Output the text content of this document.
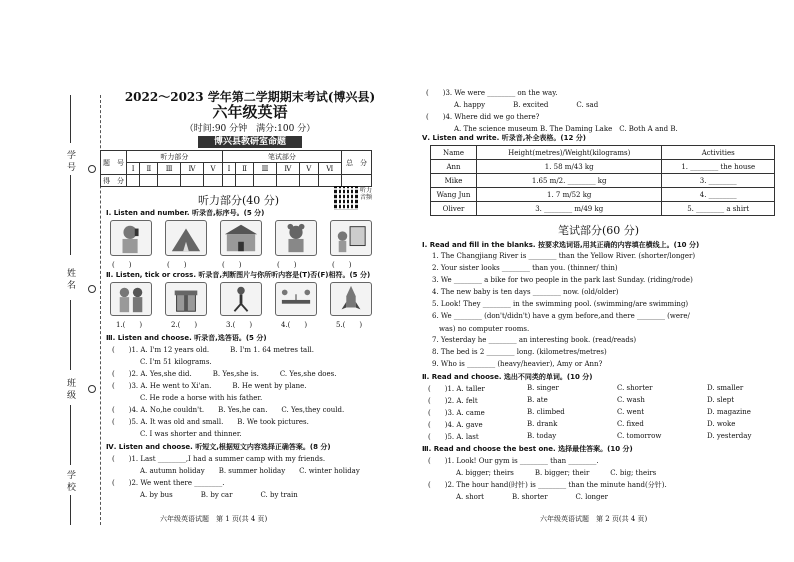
学 号
姓 名
班 级
学 校
2022～2023 学年第二学期期末考试(博兴县)
六年级英语
（时间:90 分钟　满分:100 分）
博兴县教研室命题
题　号	听力部分					笔试部分						总　分
	Ⅰ	Ⅱ	Ⅲ	Ⅳ	Ⅴ	Ⅰ	Ⅱ	Ⅲ	Ⅳ	Ⅴ	Ⅵ	
得　分												
听力部分(40 分)
听力音频
Ⅰ. Listen and number. 听录音,标序号。(5 分)
(　　)	(　　)	(　　)	(　　)	(　　)
Ⅱ. Listen, tick or cross. 听录音,判断图片与你所听内容是(T)否(F)相符。(5 分)
1.(　　)	2.(　　)	3.(　　)	4.(　　)	5.(　　)
Ⅲ. Listen and choose. 听录音,选答语。(5 分)
(　　)1. A. I'm 12 years old.　　　B. I'm 1. 64 metres tall.
　　　　C. I'm 51 kilograms.
(　　)2. A. Yes,she did.　　　B. Yes,she is.　　　C. Yes,she does.
(　　)3. A. He went to Xi'an.　　　B. He went by plane.
　　　　C. He rode a horse with his father.
(　　)4. A. No,he couldn't.　　B. Yes,he can.　　C. Yes,they could.
(　　)5. A. It was old and small.　　B. We took pictures.
　　　　C. I was shorter and thinner.
Ⅳ. Listen and choose. 听短文,根据短文内容选择正确答案。(8 分)
(　　)1. Last ________,I had a summer camp with my friends.
　　　　A. autumn holiday　　B. summer holiday　　C. winter holiday
(　　)2. We went there ________.
　　　　A. by bus　　　　B. by car　　　　C. by train
六年级英语试题　第 1 页(共 4 页)
(　　)3. We were ________ on the way.
　　　　A. happy　　　　B. excited　　　　C. sad
(　　)4. Where did we go there?
　　　　A. The science museum B. The Daming Lake　C. Both A and B.
Ⅴ. Listen and write. 听录音,补全表格。(12 分)
Name	Height(metres)/Weight(kilograms)	Activities
Ann	1. 58 m/43 kg	1. ________ the house
Mike	1.65 m/2. ________ kg	3. ________
Wang Jun	1. 7 m/52 kg	4. ________
Oliver	3. ________ m/49 kg	5. ________ a shirt
笔试部分(60 分)
Ⅰ. Read and fill in the blanks. 按要求选词语,用其正确的内容填在横线上。(10 分)
1. The Changjiang River is ________ than the Yellow River. (shorter/longer)
2. Your sister looks ________ than you. (thinner/ thin)
3. We ________ a bike for two people in the park last Sunday. (riding/rode)
4. The new baby is ten days ________ now. (old/older)
5. Look! They ________ in the swimming pool. (swimming/are swimming)
6. We ________ (don't/didn't) have a gym before,and there ________ (were/
　was) no computer rooms.
7. Yesterday he ________ an interesting book. (read/reads)
8. The bed is 2 ________ long. (kilometres/metres)
9. Who is ________ (heavy/heavier), Amy or Ann?
Ⅱ. Read and choose. 选出不同类的单词。(10 分)
(　　)1. A. taller	B. singer	C. shorter	D. smaller
(　　)2. A. felt	B. ate	C. wash	D. slept
(　　)3. A. came	B. climbed	C. went	D. magazine
(　　)4. A. gave	B. drank	C. fixed	D. woke
(　　)5. A. last	B. today	C. tomorrow	D. yesterday
Ⅲ. Read and choose the best one. 选择最佳答案。(10 分)
(　　)1. Look! Our gym is ________ than ________.
　　　　A. bigger; theirs　　　B. bigger; their　　　C. big; theirs
(　　)2. The hour hand(时针) is ________ than the minute hand(分针).
　　　　A. short　　　　B. shorter　　　　C. longer
六年级英语试题　第 2 页(共 4 页)
